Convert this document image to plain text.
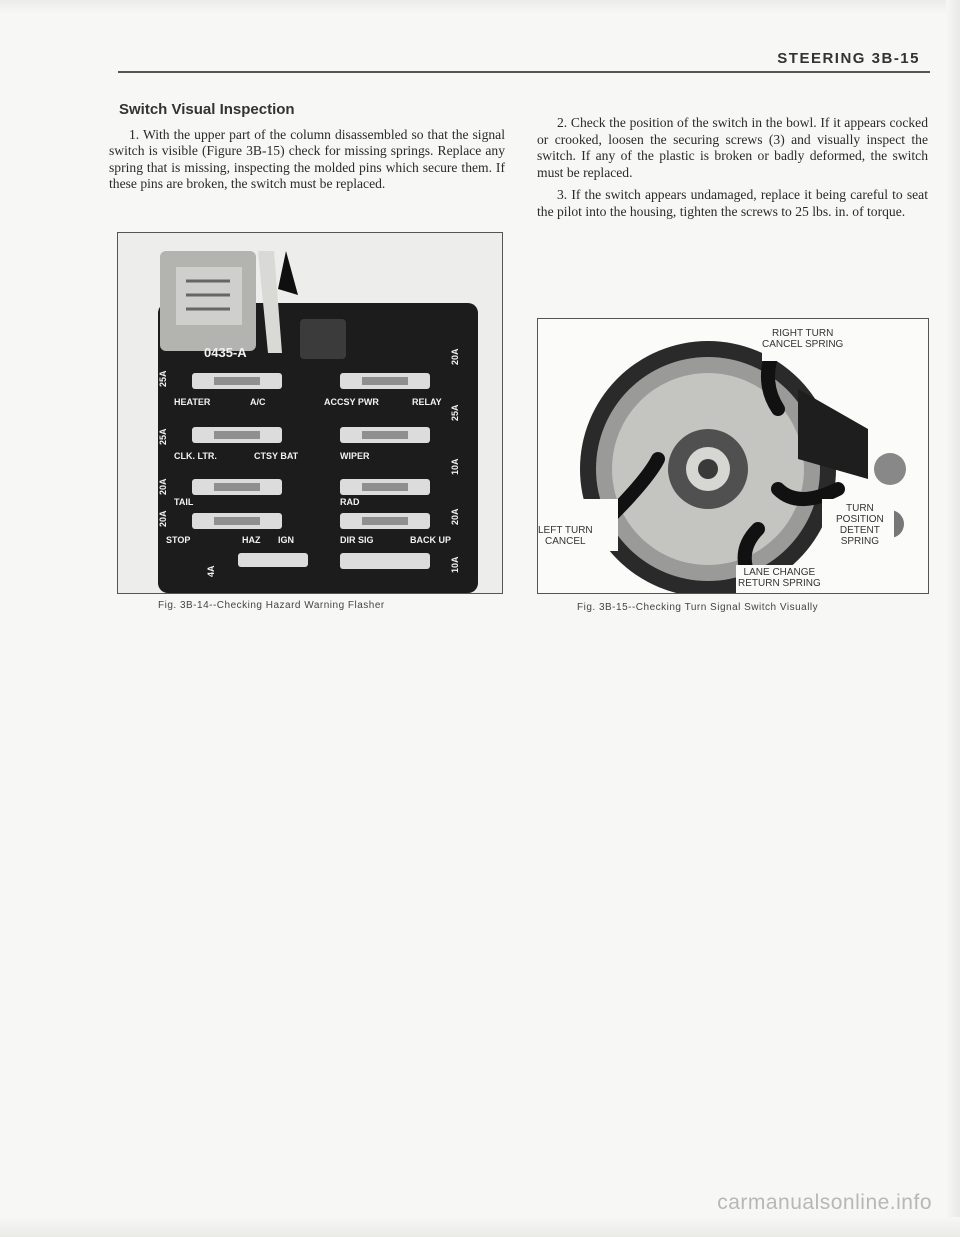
STEERING 3B-15
Switch Visual Inspection

1. With the upper part of the column disassembled so that the signal switch is visible (Figure 3B-15) check for missing springs. Replace any spring that is missing, inspecting the molded pins which secure them. If these pins are broken, the switch must be replaced.

2. Check the position of the switch in the bowl. If it appears cocked or crooked, loosen the securing screws (3) and visually inspect the switch. If any of the plastic is broken or badly deformed, the switch must be replaced.

3. If the switch appears undamaged, replace it being careful to seat the pilot into the housing, tighten the screws to 25 lbs. in. of torque.

0435-A
HEATER	A/C	ACCSY PWR	RELAY
CLK. LTR.	CTSY BAT	WIPER
TAIL	RAD
STOP	HAZ IGN	DIR SIG	BACK UP
25A
25A
20A
20A
4A
20A
25A
10A
20A
10A
Fig. 3B-14--Checking Hazard Warning Flasher
RIGHT TURN
CANCEL SPRING
LEFT TURN
CANCEL
TURN
POSITION
DETENT
SPRING
LANE CHANGE
RETURN SPRING
Fig. 3B-15--Checking Turn Signal Switch Visually
carmanualsonline.info
